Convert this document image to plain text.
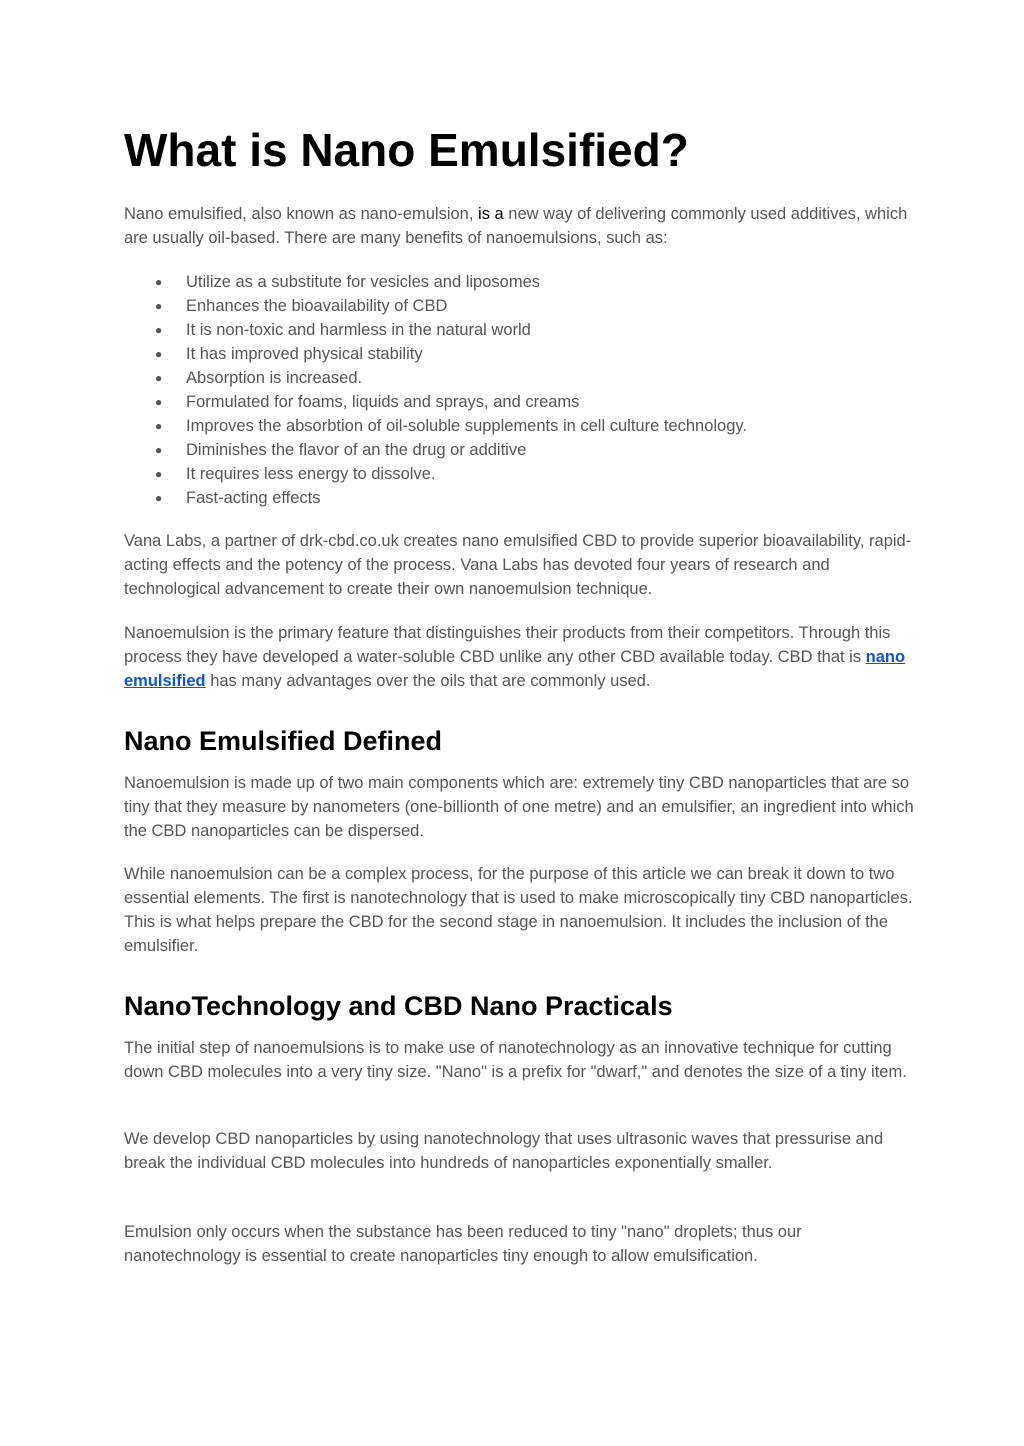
What is Nano Emulsified?

Nano emulsified, also known as nano-emulsion, is a new way of delivering commonly used additives, which are usually oil-based. There are many benefits of nanoemulsions, such as:

● Utilize as a substitute for vesicles and liposomes
● Enhances the bioavailability of CBD
● It is non-toxic and harmless in the natural world
● It has improved physical stability
● Absorption is increased.
● Formulated for foams, liquids and sprays, and creams
● Improves the absorbtion of oil-soluble supplements in cell culture technology.
● Diminishes the flavor of an the drug or additive
● It requires less energy to dissolve.
● Fast-acting effects

Vana Labs, a partner of drk-cbd.co.uk creates nano emulsified CBD to provide superior bioavailability, rapid-acting effects and the potency of the process. Vana Labs has devoted four years of research and technological advancement to create their own nanoemulsion technique.

Nanoemulsion is the primary feature that distinguishes their products from their competitors. Through this process they have developed a water-soluble CBD unlike any other CBD available today. CBD that is nano emulsified has many advantages over the oils that are commonly used.

Nano Emulsified Defined

Nanoemulsion is made up of two main components which are: extremely tiny CBD nanoparticles that are so tiny that they measure by nanometers (one-billionth of one metre) and an emulsifier, an ingredient into which the CBD nanoparticles can be dispersed.

While nanoemulsion can be a complex process, for the purpose of this article we can break it down to two essential elements. The first is nanotechnology that is used to make microscopically tiny CBD nanoparticles. This is what helps prepare the CBD for the second stage in nanoemulsion. It includes the inclusion of the emulsifier.

NanoTechnology and CBD Nano Practicals

The initial step of nanoemulsions is to make use of nanotechnology as an innovative technique for cutting down CBD molecules into a very tiny size. "Nano" is a prefix for "dwarf," and denotes the size of a tiny item.

We develop CBD nanoparticles by using nanotechnology that uses ultrasonic waves that pressurise and break the individual CBD molecules into hundreds of nanoparticles exponentially smaller.

Emulsion only occurs when the substance has been reduced to tiny "nano" droplets; thus our nanotechnology is essential to create nanoparticles tiny enough to allow emulsification.
